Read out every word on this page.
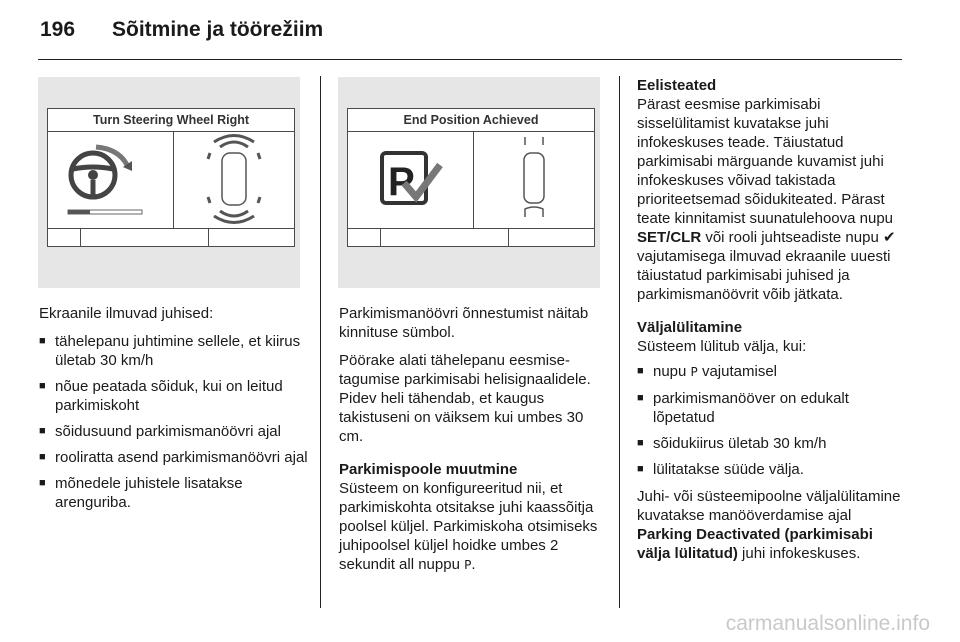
196 Sõitmine ja töörežiim
Turn Steering Wheel Right	End Position Achieved
P

Ekraanile ilmuvad juhised:

■ tähelepanu juhtimine sellele, et kiirus ületab 30 km/h
■ nõue peatada sõiduk, kui on leitud parkimiskoht
■ sõidusuund parkimismanöövri ajal
■ rooliratta asend parkimismanöövri ajal
■ mõnedele juhistele lisatakse arenguriba.

Parkimismanöövri õnnestumist näitab kinnituse sümbol.

Pöörake alati tähelepanu eesmise-tagumise parkimisabi helisignaalidele. Pidev heli tähendab, et kaugus takistuseni on väiksem kui umbes 30 cm.

Parkimispoole muutmine

Süsteem on konfigureeritud nii, et parkimiskohta otsitakse juhi kaassõitja poolsel küljel. Parkimiskoha otsimiseks juhipoolsel küljel hoidke umbes 2 sekundit all nuppu P.

Eelisteated

Pärast eesmise parkimisabi sisselülitamist kuvatakse juhi infokeskuses teade. Täiustatud parkimisabi märguande kuvamist juhi infokeskuses võivad takistada prioriteetsemad sõidukiteated. Pärast teate kinnitamist suunatulehoova nupu SET/CLR või rooli juhtseadiste nupu ✔ vajutamisega ilmuvad ekraanile uuesti täiustatud parkimisabi juhised ja parkimismanöövrit võib jätkata.

Väljalülitamine

Süsteem lülitub välja, kui:

■ nupu P vajutamisel
■ parkimismanööver on edukalt lõpetatud
■ sõidukiirus ületab 30 km/h
■ lülitatakse süüde välja.

Juhi- või süsteemipoolne väljalülitamine kuvatakse manööverdamise ajal Parking Deactivated (parkimisabi välja lülitatud) juhi infokeskuses.

carmanualsonline.info
